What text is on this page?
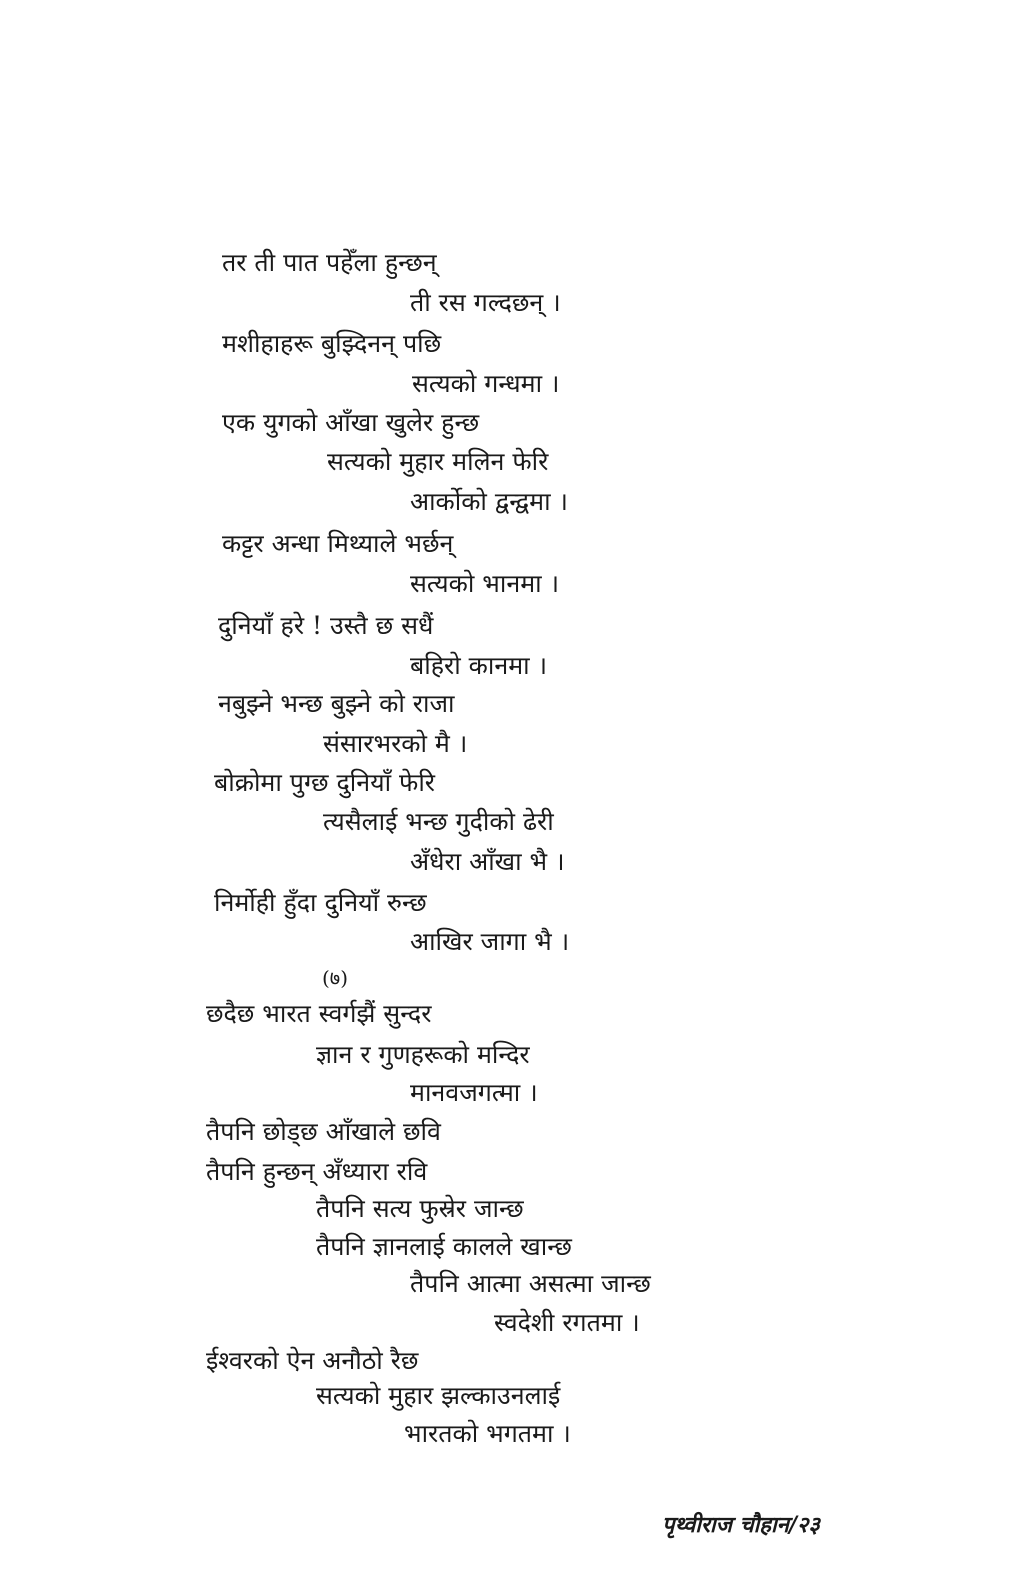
तर ती पात पहेँला हुन्छन्
ती रस गल्दछन् ।
मशीहाहरू बुझ्दिनन् पछि
सत्यको गन्धमा ।
एक युगको आँखा खुलेर हुन्छ
सत्यको मुहार मलिन फेरि
आर्कोको द्वन्द्वमा ।
कट्टर अन्धा मिथ्याले भर्छन्
सत्यको भानमा ।
दुनियाँ हरे ! उस्तै छ सधैं
बहिरो कानमा ।
नबुझ्ने भन्छ बुझ्ने को राजा
संसारभरको मै ।
बोक्रोमा पुग्छ दुनियाँ फेरि
त्यसैलाई भन्छ गुदीको ढेरी
अँधेरा आँखा भै ।
निर्मोही हुँदा दुनियाँ रुन्छ
आखिर जागा भै ।
(७)
छदैछ भारत स्वर्गझैं सुन्दर
ज्ञान र गुणहरूको मन्दिर
मानवजगत्मा ।
तैपनि छोड्छ आँखाले छवि
तैपनि हुन्छन् अँध्यारा रवि
तैपनि सत्य फुस्रेर जान्छ
तैपनि ज्ञानलाई कालले खान्छ
तैपनि आत्मा असत्मा जान्छ
स्वदेशी रगतमा ।
ईश्वरको ऐन अनौठो रैछ
सत्यको मुहार झल्काउनलाई
भारतको भगतमा ।
पृथ्वीराज चौहान/२३
